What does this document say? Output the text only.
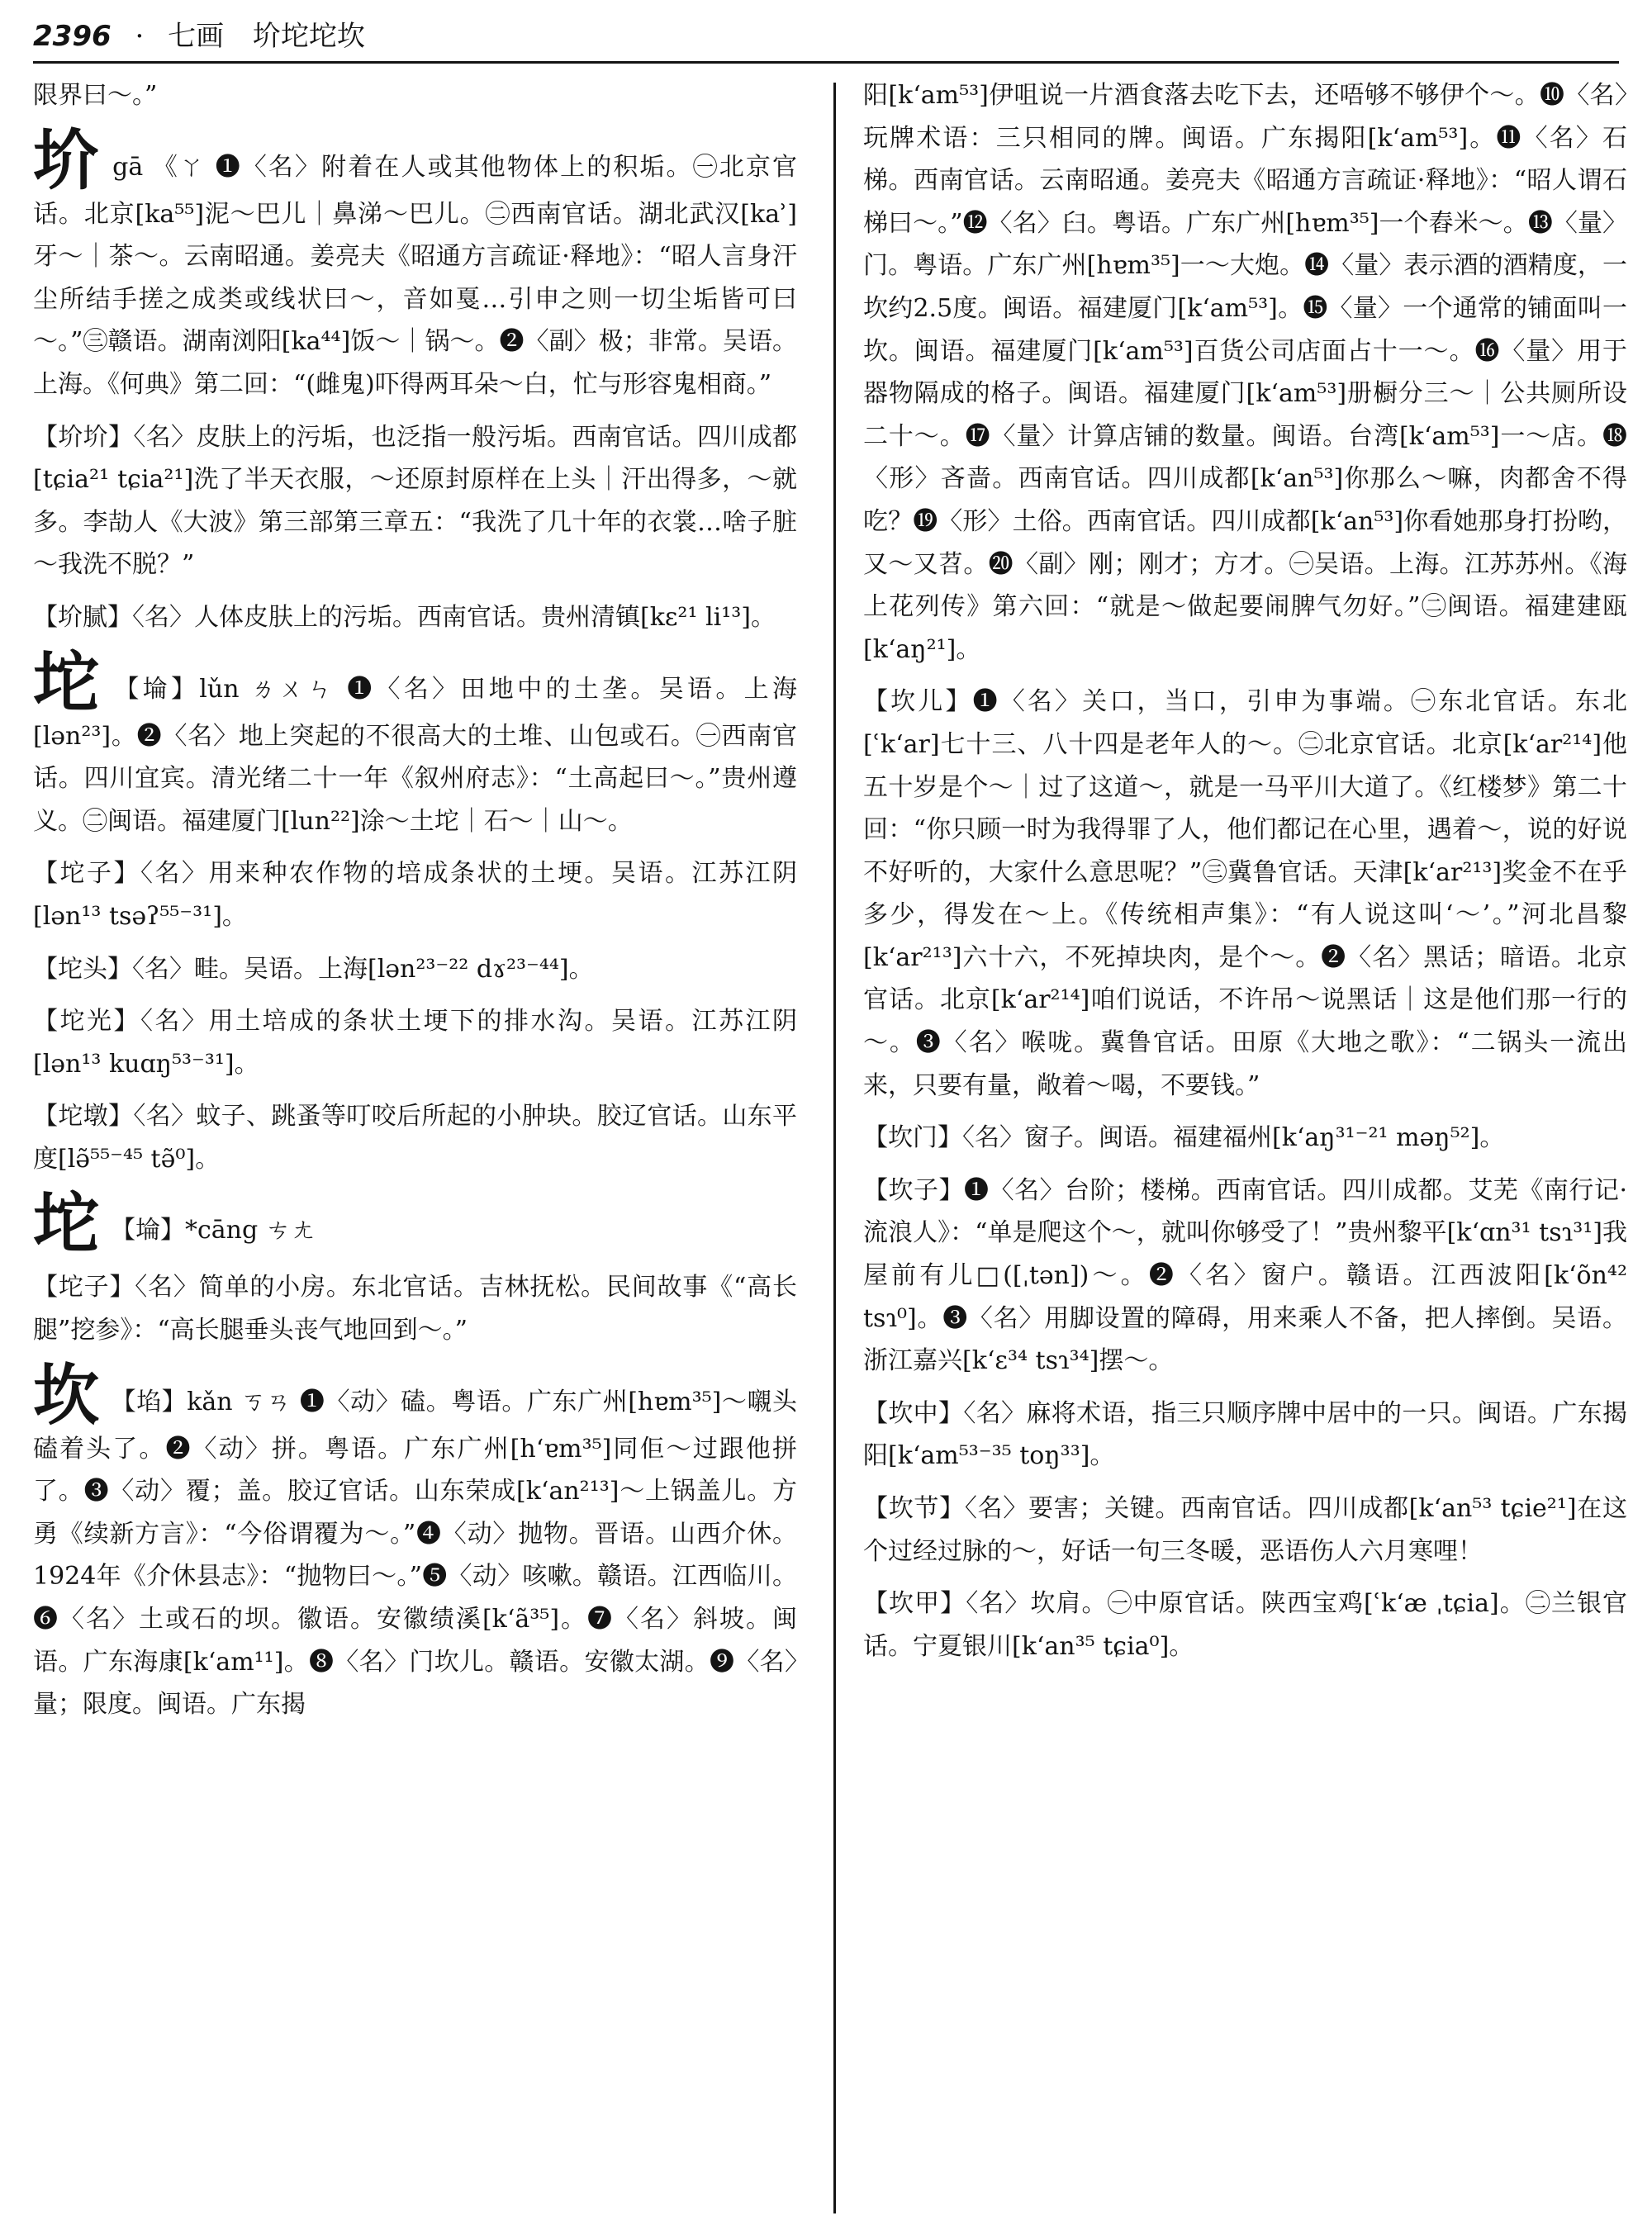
2396 · 七画 圿坨坨坎
限界曰～。”
圿gā 《ㄚ ❶〈名〉附着在人或其他物体上的积垢。㊀北京官话。北京[ka⁵⁵]泥～巴儿｜鼻涕～巴儿。㊁西南官话。湖北武汉[kaʾ]牙～｜茶～。云南昭通。姜亮夫《昭通方言疏证·释地》：“昭人言身汗尘所结手搓之成类或线状曰～，音如戛…引申之则一切尘垢皆可曰～。”㊂赣语。湖南浏阳[ka⁴⁴]饭～｜锅～。❷〈副〉极；非常。吴语。上海。《何典》第二回：“(雌鬼)吓得两耳朵～白，忙与形容鬼相商。”
【圿圿】〈名〉皮肤上的污垢，也泛指一般污垢。西南官话。四川成都[tɕia²¹ tɕia²¹]洗了半天衣服，～还原封原样在上头｜汗出得多，～就多。李劼人《大波》第三部第三章五：“我洗了几十年的衣裳…啥子脏～我洗不脱？”
【圿腻】〈名〉人体皮肤上的污垢。西南官话。贵州清镇[kɛ²¹ li¹³]。
坨 【埨】lǔn ㄌㄨㄣ ❶〈名〉田地中的土垄。吴语。上海[lən²³]。❷〈名〉地上突起的不很高大的土堆、山包或石。㊀西南官话。四川宜宾。清光绪二十一年《叙州府志》：“土高起曰～。”贵州遵义。㊁闽语。福建厦门[lun²²]涂～土坨｜石～｜山～。
【坨子】〈名〉用来种农作物的培成条状的土埂。吴语。江苏江阴[lən¹³ tsəʔ⁵⁵⁻³¹]。
【坨头】〈名〉畦。吴语。上海[lən²³⁻²² dɤ²³⁻⁴⁴]。
【坨光】〈名〉用土培成的条状土埂下的排水沟。吴语。江苏江阴[lən¹³ kuɑŋ⁵³⁻³¹]。
【坨墩】〈名〉蚊子、跳蚤等叮咬后所起的小肿块。胶辽官话。山东平度[lə̃⁵⁵⁻⁴⁵ tə̃⁰]。
坨 【埨】*cāng ㄘㄤ
【坨子】〈名〉简单的小房。东北官话。吉林抚松。民间故事《“高长腿”挖参》：“高长腿垂头丧气地回到～。”
坎 【埳】kǎn ㄎㄢ ❶〈动〉磕。粤语。广东广州[hɐm³⁵]～嚫头磕着头了。❷〈动〉拼。粤语。广东广州[hʻɐm³⁵]同佢～过跟他拼了。❸〈动〉覆；盖。胶辽官话。山东荣成[kʻan²¹³]～上锅盖儿。方勇《续新方言》：“今俗谓覆为～。”❹〈动〉抛物。晋语。山西介休。1924年《介休县志》：“抛物曰～。”❺〈动〉咳嗽。赣语。江西临川。❻〈名〉土或石的坝。徽语。安徽绩溪[kʻã³⁵]。❼〈名〉斜坡。闽语。广东海康[kʻam¹¹]。❽〈名〉门坎儿。赣语。安徽太湖。❾〈名〉量；限度。闽语。广东揭
阳[kʻam⁵³]伊咀说一片酒食落去吃下去，还唔够不够伊个～。❿〈名〉玩牌术语：三只相同的牌。闽语。广东揭阳[kʻam⁵³]。⓫〈名〉石梯。西南官话。云南昭通。姜亮夫《昭通方言疏证·释地》：“昭人谓石梯曰～。”⓬〈名〉臼。粤语。广东广州[hɐm³⁵]一个舂米～。⓭〈量〉门。粤语。广东广州[hɐm³⁵]一～大炮。⓮〈量〉表示酒的酒精度，一坎约2.5度。闽语。福建厦门[kʻam⁵³]。⓯〈量〉一个通常的铺面叫一坎。闽语。福建厦门[kʻam⁵³]百货公司店面占十一～。⓰〈量〉用于器物隔成的格子。闽语。福建厦门[kʻam⁵³]册橱分三～｜公共厕所设二十～。⓱〈量〉计算店铺的数量。闽语。台湾[kʻam⁵³]一～店。⓲〈形〉吝啬。西南官话。四川成都[kʻan⁵³]你那么～嘛，肉都舍不得吃？⓳〈形〉土俗。西南官话。四川成都[kʻan⁵³]你看她那身打扮哟，又～又苕。⓴〈副〉刚；刚才；方才。㊀吴语。上海。江苏苏州。《海上花列传》第六回：“就是～做起要闹脾气勿好。”㊁闽语。福建建瓯[kʻaŋ²¹]。
【坎儿】❶〈名〉关口，当口，引申为事端。㊀东北官话。东北[ʿkʻar]七十三、八十四是老年人的～。㊁北京官话。北京[kʻar²¹⁴]他五十岁是个～｜过了这道～，就是一马平川大道了。《红楼梦》第二十回：“你只顾一时为我得罪了人，他们都记在心里，遇着～，说的好说不好听的，大家什么意思呢？”㊂冀鲁官话。天津[kʻar²¹³]奖金不在乎多少，得发在～上。《传统相声集》：“有人说这叫‘～’。”河北昌黎[kʻar²¹³]六十六，不死掉块肉，是个～。❷〈名〉黑话；暗语。北京官话。北京[kʻar²¹⁴]咱们说话，不许吊～说黑话｜这是他们那一行的～。❸〈名〉喉咙。冀鲁官话。田原《大地之歌》：“二锅头一流出来，只要有量，敞着～喝，不要钱。”
【坎门】〈名〉窗子。闽语。福建福州[kʻaŋ³¹⁻²¹ məŋ⁵²]。
【坎子】❶〈名〉台阶；楼梯。西南官话。四川成都。艾芜《南行记·流浪人》：“单是爬这个～，就叫你够受了！”贵州黎平[kʻɑn³¹ tsɿ³¹]我屋前有儿□([ˌtən])～。❷〈名〉窗户。赣语。江西波阳[kʻõn⁴² tsɿ⁰]。❸〈名〉用脚设置的障碍，用来乘人不备，把人摔倒。吴语。浙江嘉兴[kʻɛ³⁴ tsɿ³⁴]摆～。
【坎中】〈名〉麻将术语，指三只顺序牌中居中的一只。闽语。广东揭阳[kʻam⁵³⁻³⁵ toŋ³³]。
【坎节】〈名〉要害；关键。西南官话。四川成都[kʻan⁵³ tɕie²¹]在这个过经过脉的～，好话一句三冬暖，恶语伤人六月寒哩！
【坎甲】〈名〉坎肩。㊀中原官话。陕西宝鸡[ʿkʻæ ˌtɕia]。㊁兰银官话。宁夏银川[kʻan³⁵ tɕia⁰]。
